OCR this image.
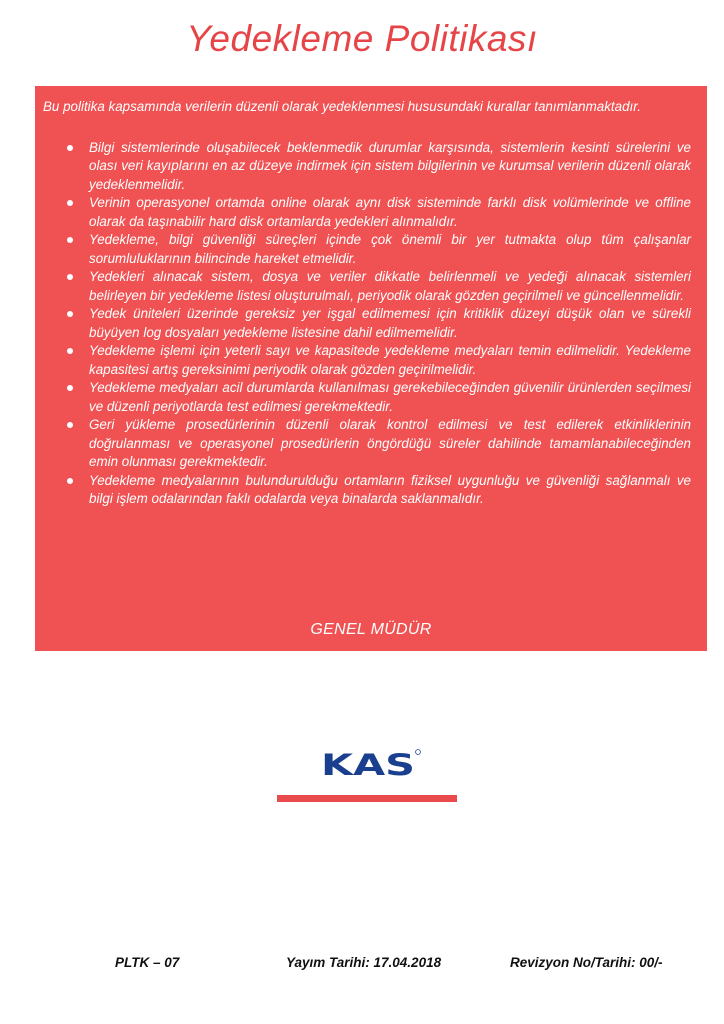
Yedekleme Politikası

Bu politika kapsamında verilerin düzenli olarak yedeklenmesi hususundaki kurallar tanımlanmaktadır.

Bilgi sistemlerinde oluşabilecek beklenmedik durumlar karşısında, sistemlerin kesinti sürelerini ve olası veri kayıplarını en az düzeye indirmek için sistem bilgilerinin ve kurumsal verilerin düzenli olarak yedeklenmelidir.
Verinin operasyonel ortamda online olarak aynı disk sisteminde farklı disk volümlerinde ve offline olarak da taşınabilir hard disk ortamlarda yedekleri alınmalıdır.
Yedekleme, bilgi güvenliği süreçleri içinde çok önemli bir yer tutmakta olup tüm çalışanlar sorumluluklarının bilincinde hareket etmelidir.
Yedekleri alınacak sistem, dosya ve veriler dikkatle belirlenmeli ve yedeği alınacak sistemleri belirleyen bir yedekleme listesi oluşturulmalı, periyodik olarak gözden geçirilmeli ve güncellenmelidir.
Yedek üniteleri üzerinde gereksiz yer işgal edilmemesi için kritiklik düzeyi düşük olan ve sürekli büyüyen log dosyaları yedekleme listesine dahil edilmemelidir.
Yedekleme işlemi için yeterli sayı ve kapasitede yedekleme medyaları temin edilmelidir. Yedekleme kapasitesi artış gereksinimi periyodik olarak gözden geçirilmelidir.
Yedekleme medyaları acil durumlarda kullanılması gerekebileceğinden güvenilir ürünlerden seçilmesi ve düzenli periyotlarda test edilmesi gerekmektedir.
Geri yükleme prosedürlerinin düzenli olarak kontrol edilmesi ve test edilerek etkinliklerinin doğrulanması ve operasyonel prosedürlerin öngördüğü süreler dahilinde tamamlanabileceğinden emin olunması gerekmektedir.
Yedekleme medyalarının bulundurulduğu ortamların fiziksel uygunluğu ve güvenliği sağlanmalı ve bilgi işlem odalarından faklı odalarda veya binalarda saklanmalıdır.
GENEL MÜDÜR
KAS
PLTK – 07	Yayım Tarihi: 17.04.2018	Revizyon No/Tarihi: 00/-
